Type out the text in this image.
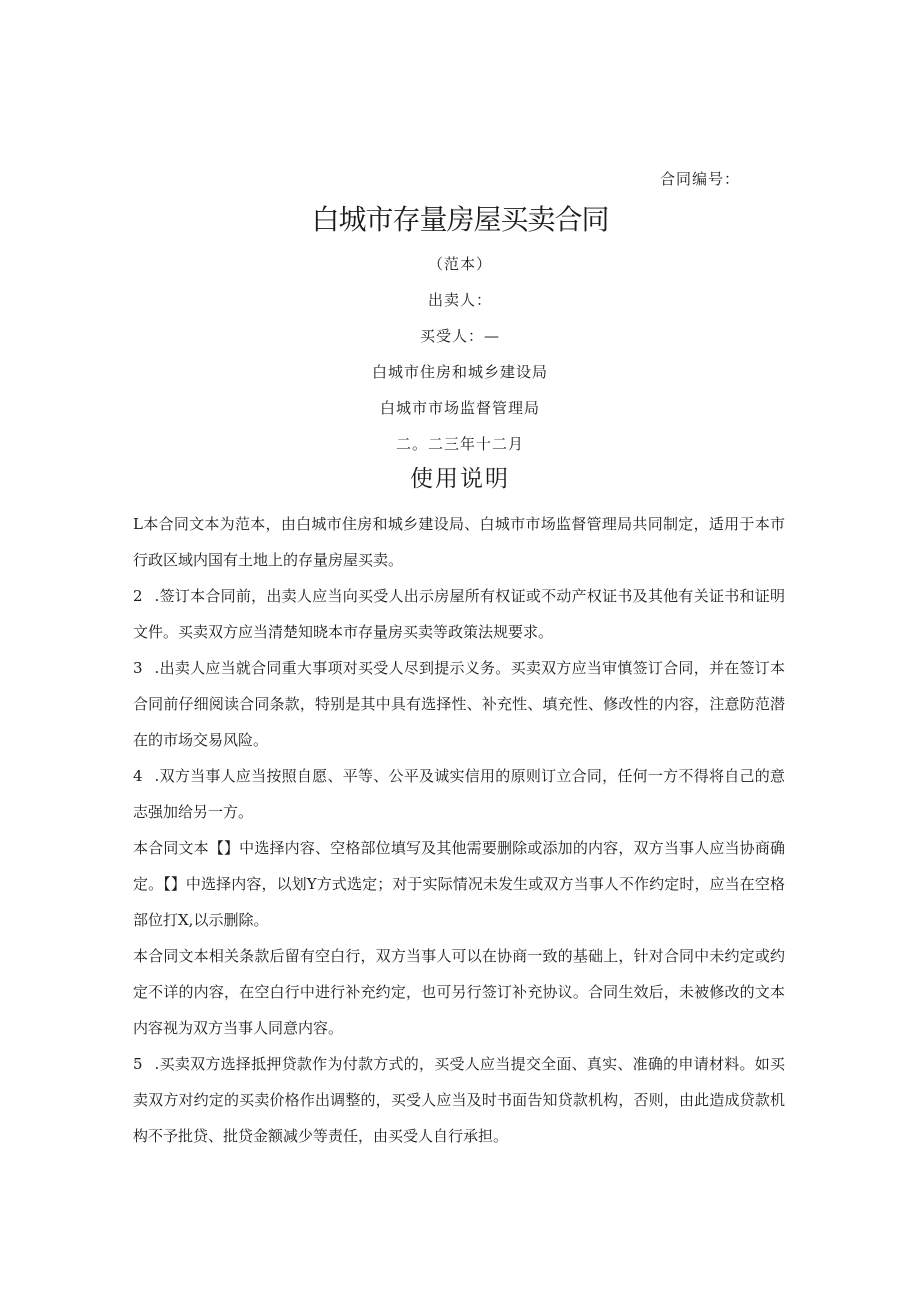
合同编号：
白城市存量房屋买卖合同
（范本）
出卖人：
买受人：—
白城市住房和城乡建设局
白城市市场监督管理局
二。二三年十二月
使用说明

L本合同文本为范本，由白城市住房和城乡建设局、白城市市场监督管理局共同制定，适用于本市行政区域内国有土地上的存量房屋买卖。

2 .签订本合同前，出卖人应当向买受人出示房屋所有权证或不动产权证书及其他有关证书和证明文件。买卖双方应当清楚知晓本市存量房买卖等政策法规要求。

3 .出卖人应当就合同重大事项对买受人尽到提示义务。买卖双方应当审慎签订合同，并在签订本合同前仔细阅读合同条款，特别是其中具有选择性、补充性、填充性、修改性的内容，注意防范潜在的市场交易风险。

4 .双方当事人应当按照自愿、平等、公平及诚实信用的原则订立合同，任何一方不得将自己的意志强加给另一方。

本合同文本【】中选择内容、空格部位填写及其他需要删除或添加的内容，双方当事人应当协商确定。【】中选择内容，以划Y方式选定；对于实际情况未发生或双方当事人不作约定时，应当在空格部位打X,以示删除。

本合同文本相关条款后留有空白行，双方当事人可以在协商一致的基础上，针对合同中未约定或约定不详的内容，在空白行中进行补充约定，也可另行签订补充协议。合同生效后，未被修改的文本内容视为双方当事人同意内容。

5 .买卖双方选择抵押贷款作为付款方式的，买受人应当提交全面、真实、准确的申请材料。如买卖双方对约定的买卖价格作出调整的，买受人应当及时书面告知贷款机构，否则，由此造成贷款机构不予批贷、批贷金额减少等责任，由买受人自行承担。
